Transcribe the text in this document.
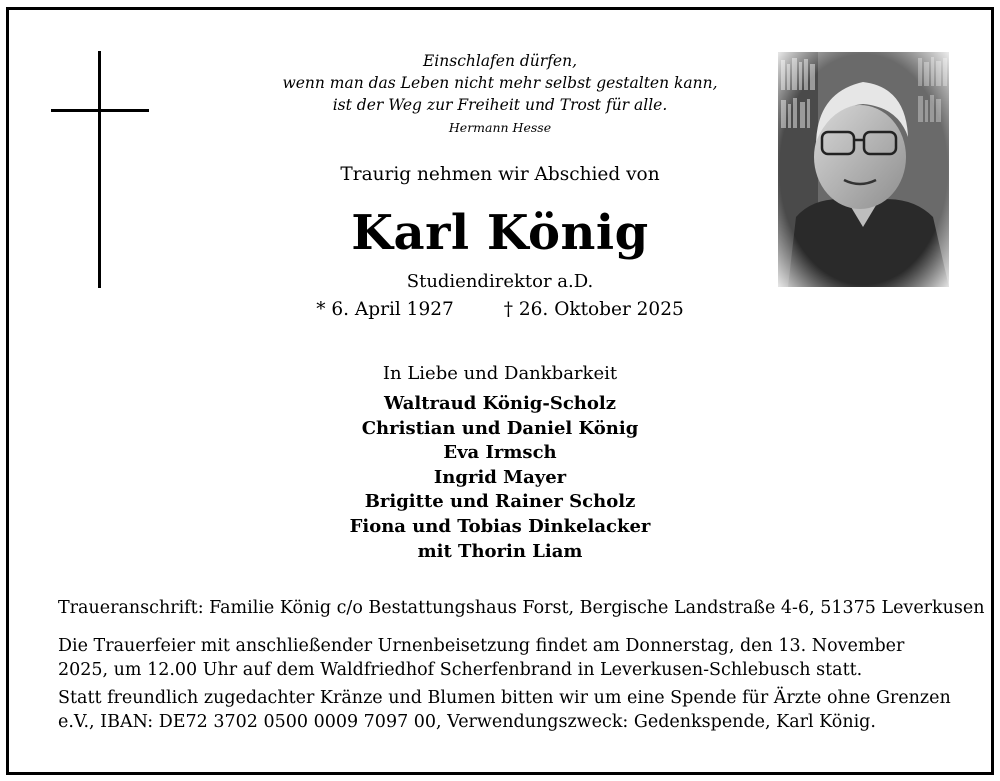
Einschlafen dürfen,
wenn man das Leben nicht mehr selbst gestalten kann,
ist der Weg zur Freiheit und Trost für alle.
Hermann Hesse
Traurig nehmen wir Abschied von
Karl König
Studiendirektor a.D.
* 6. April 1927	† 26. Oktober 2025
In Liebe und Dankbarkeit
Waltraud König-Scholz
Christian und Daniel König
Eva Irmsch
Ingrid Mayer
Brigitte und Rainer Scholz
Fiona und Tobias Dinkelacker
mit Thorin Liam
Traueranschrift: Familie König c/o Bestattungshaus Forst, Bergische Landstraße 4-6, 51375 Leverkusen
Die Trauerfeier mit anschließender Urnenbeisetzung findet am Donnerstag, den 13. November 2025, um 12.00 Uhr auf dem Waldfriedhof Scherfenbrand in Leverkusen-Schlebusch statt.
Statt freundlich zugedachter Kränze und Blumen bitten wir um eine Spende für Ärzte ohne Grenzen e.V., IBAN: DE72 3702 0500 0009 7097 00, Verwendungszweck: Gedenkspende, Karl König.
